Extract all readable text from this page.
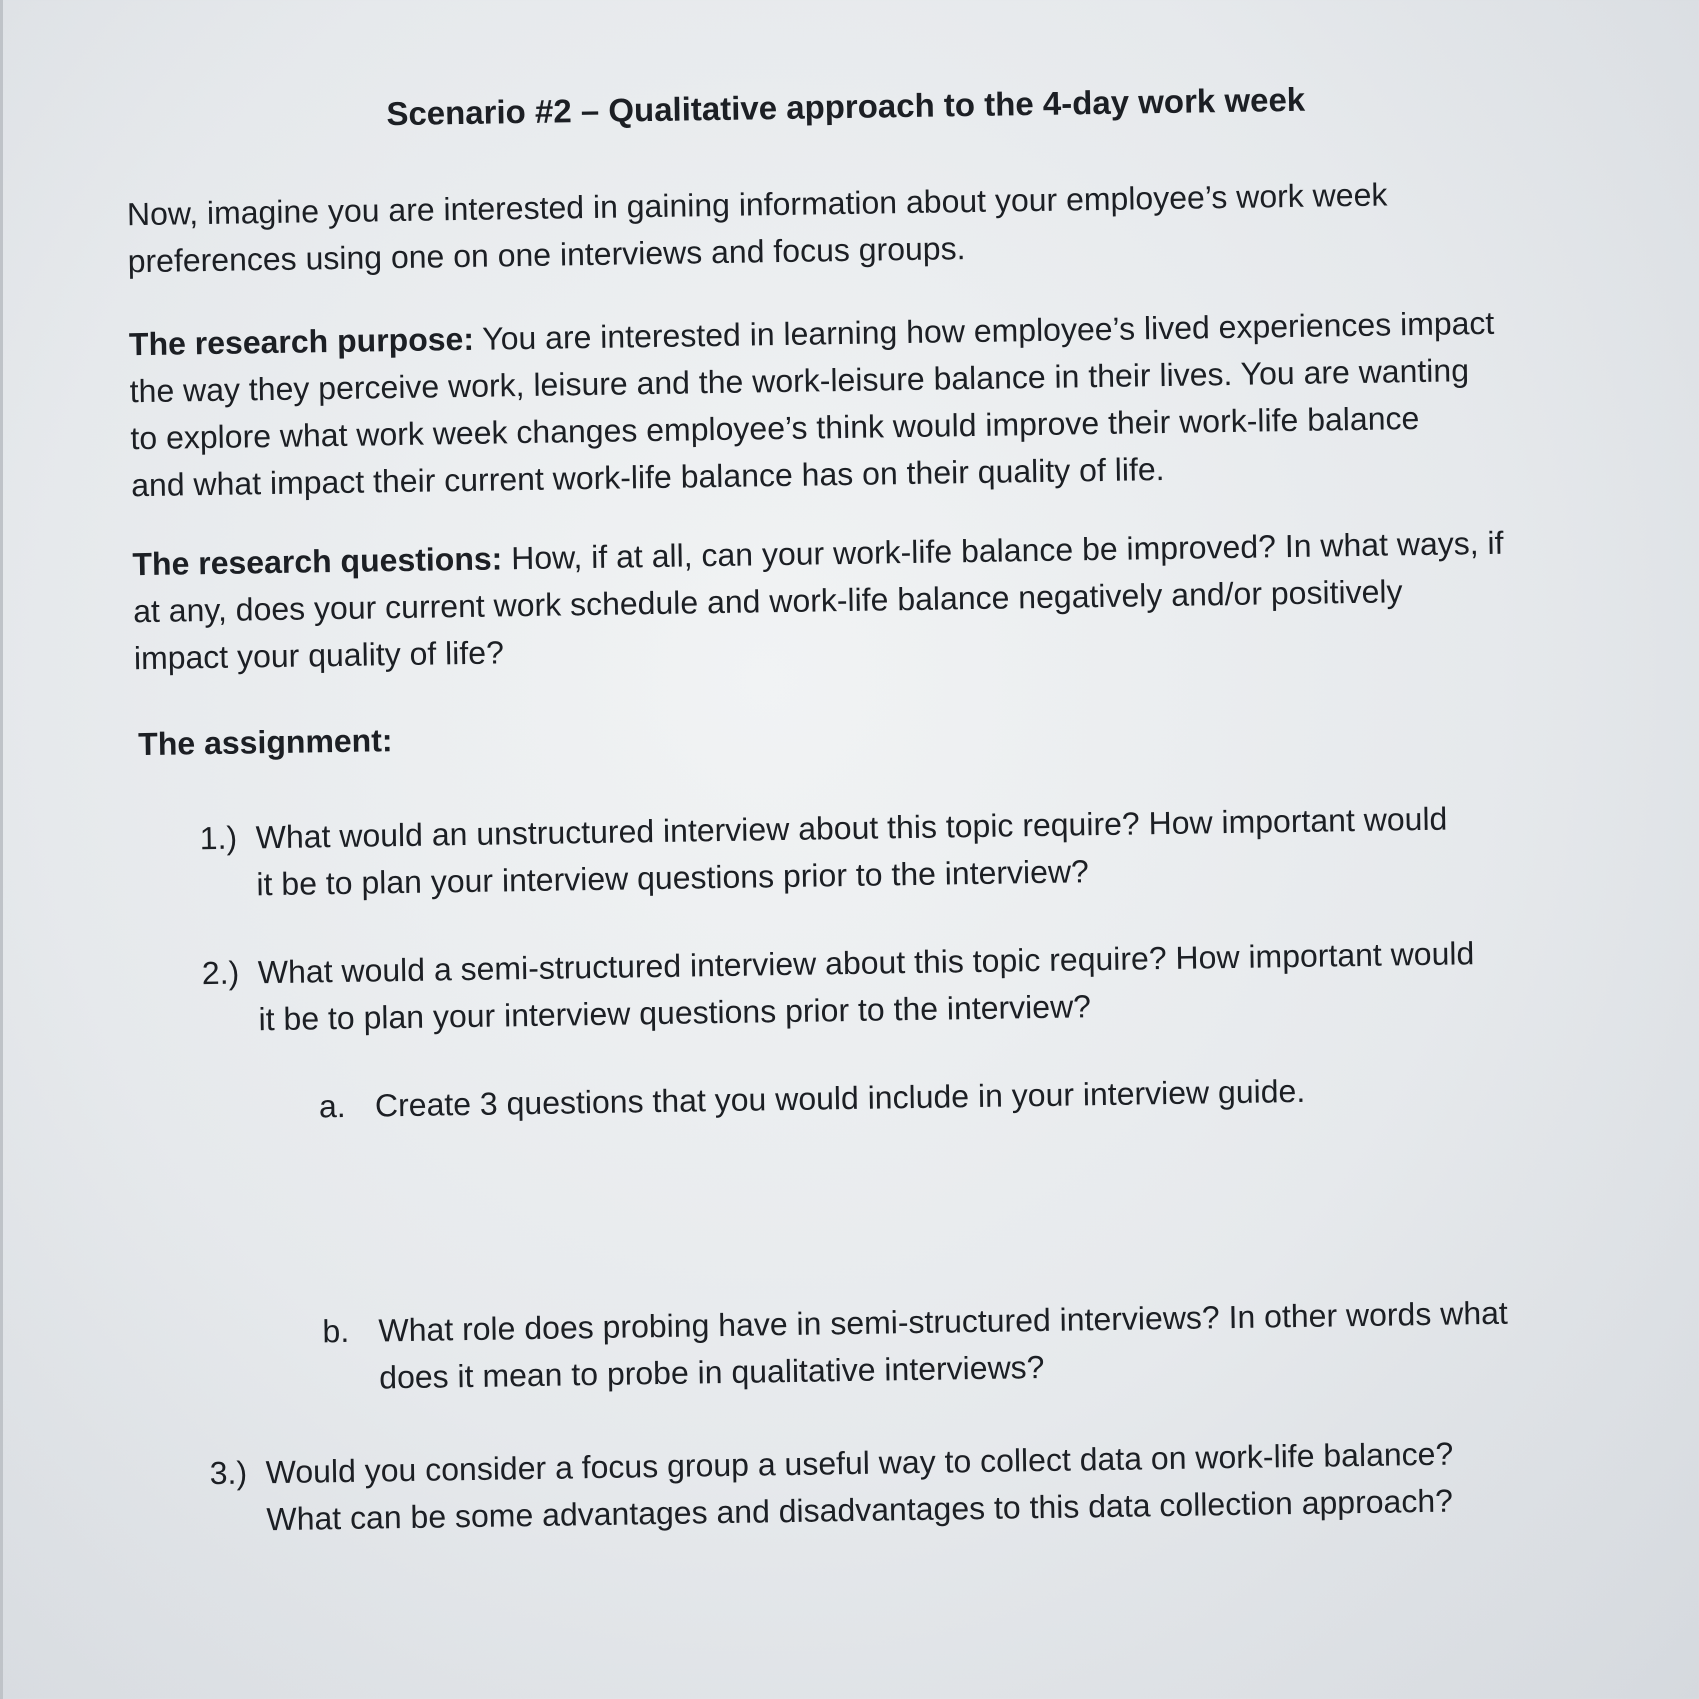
Scenario #2 – Qualitative approach to the 4-day work week
Now, imagine you are interested in gaining information about your employee’s work week
preferences using one on one interviews and focus groups.
The research purpose: You are interested in learning how employee’s lived experiences impact
the way they perceive work, leisure and the work-leisure balance in their lives. You are wanting
to explore what work week changes employee’s think would improve their work-life balance
and what impact their current work-life balance has on their quality of life.
The research questions: How, if at all, can your work-life balance be improved? In what ways, if
at any, does your current work schedule and work-life balance negatively and/or positively
impact your quality of life?
The assignment:
1.) What would an unstructured interview about this topic require? How important would
it be to plan your interview questions prior to the interview?
2.) What would a semi-structured interview about this topic require? How important would
it be to plan your interview questions prior to the interview?
a. Create 3 questions that you would include in your interview guide.
b. What role does probing have in semi-structured interviews? In other words what
does it mean to probe in qualitative interviews?
3.) Would you consider a focus group a useful way to collect data on work-life balance?
What can be some advantages and disadvantages to this data collection approach?
